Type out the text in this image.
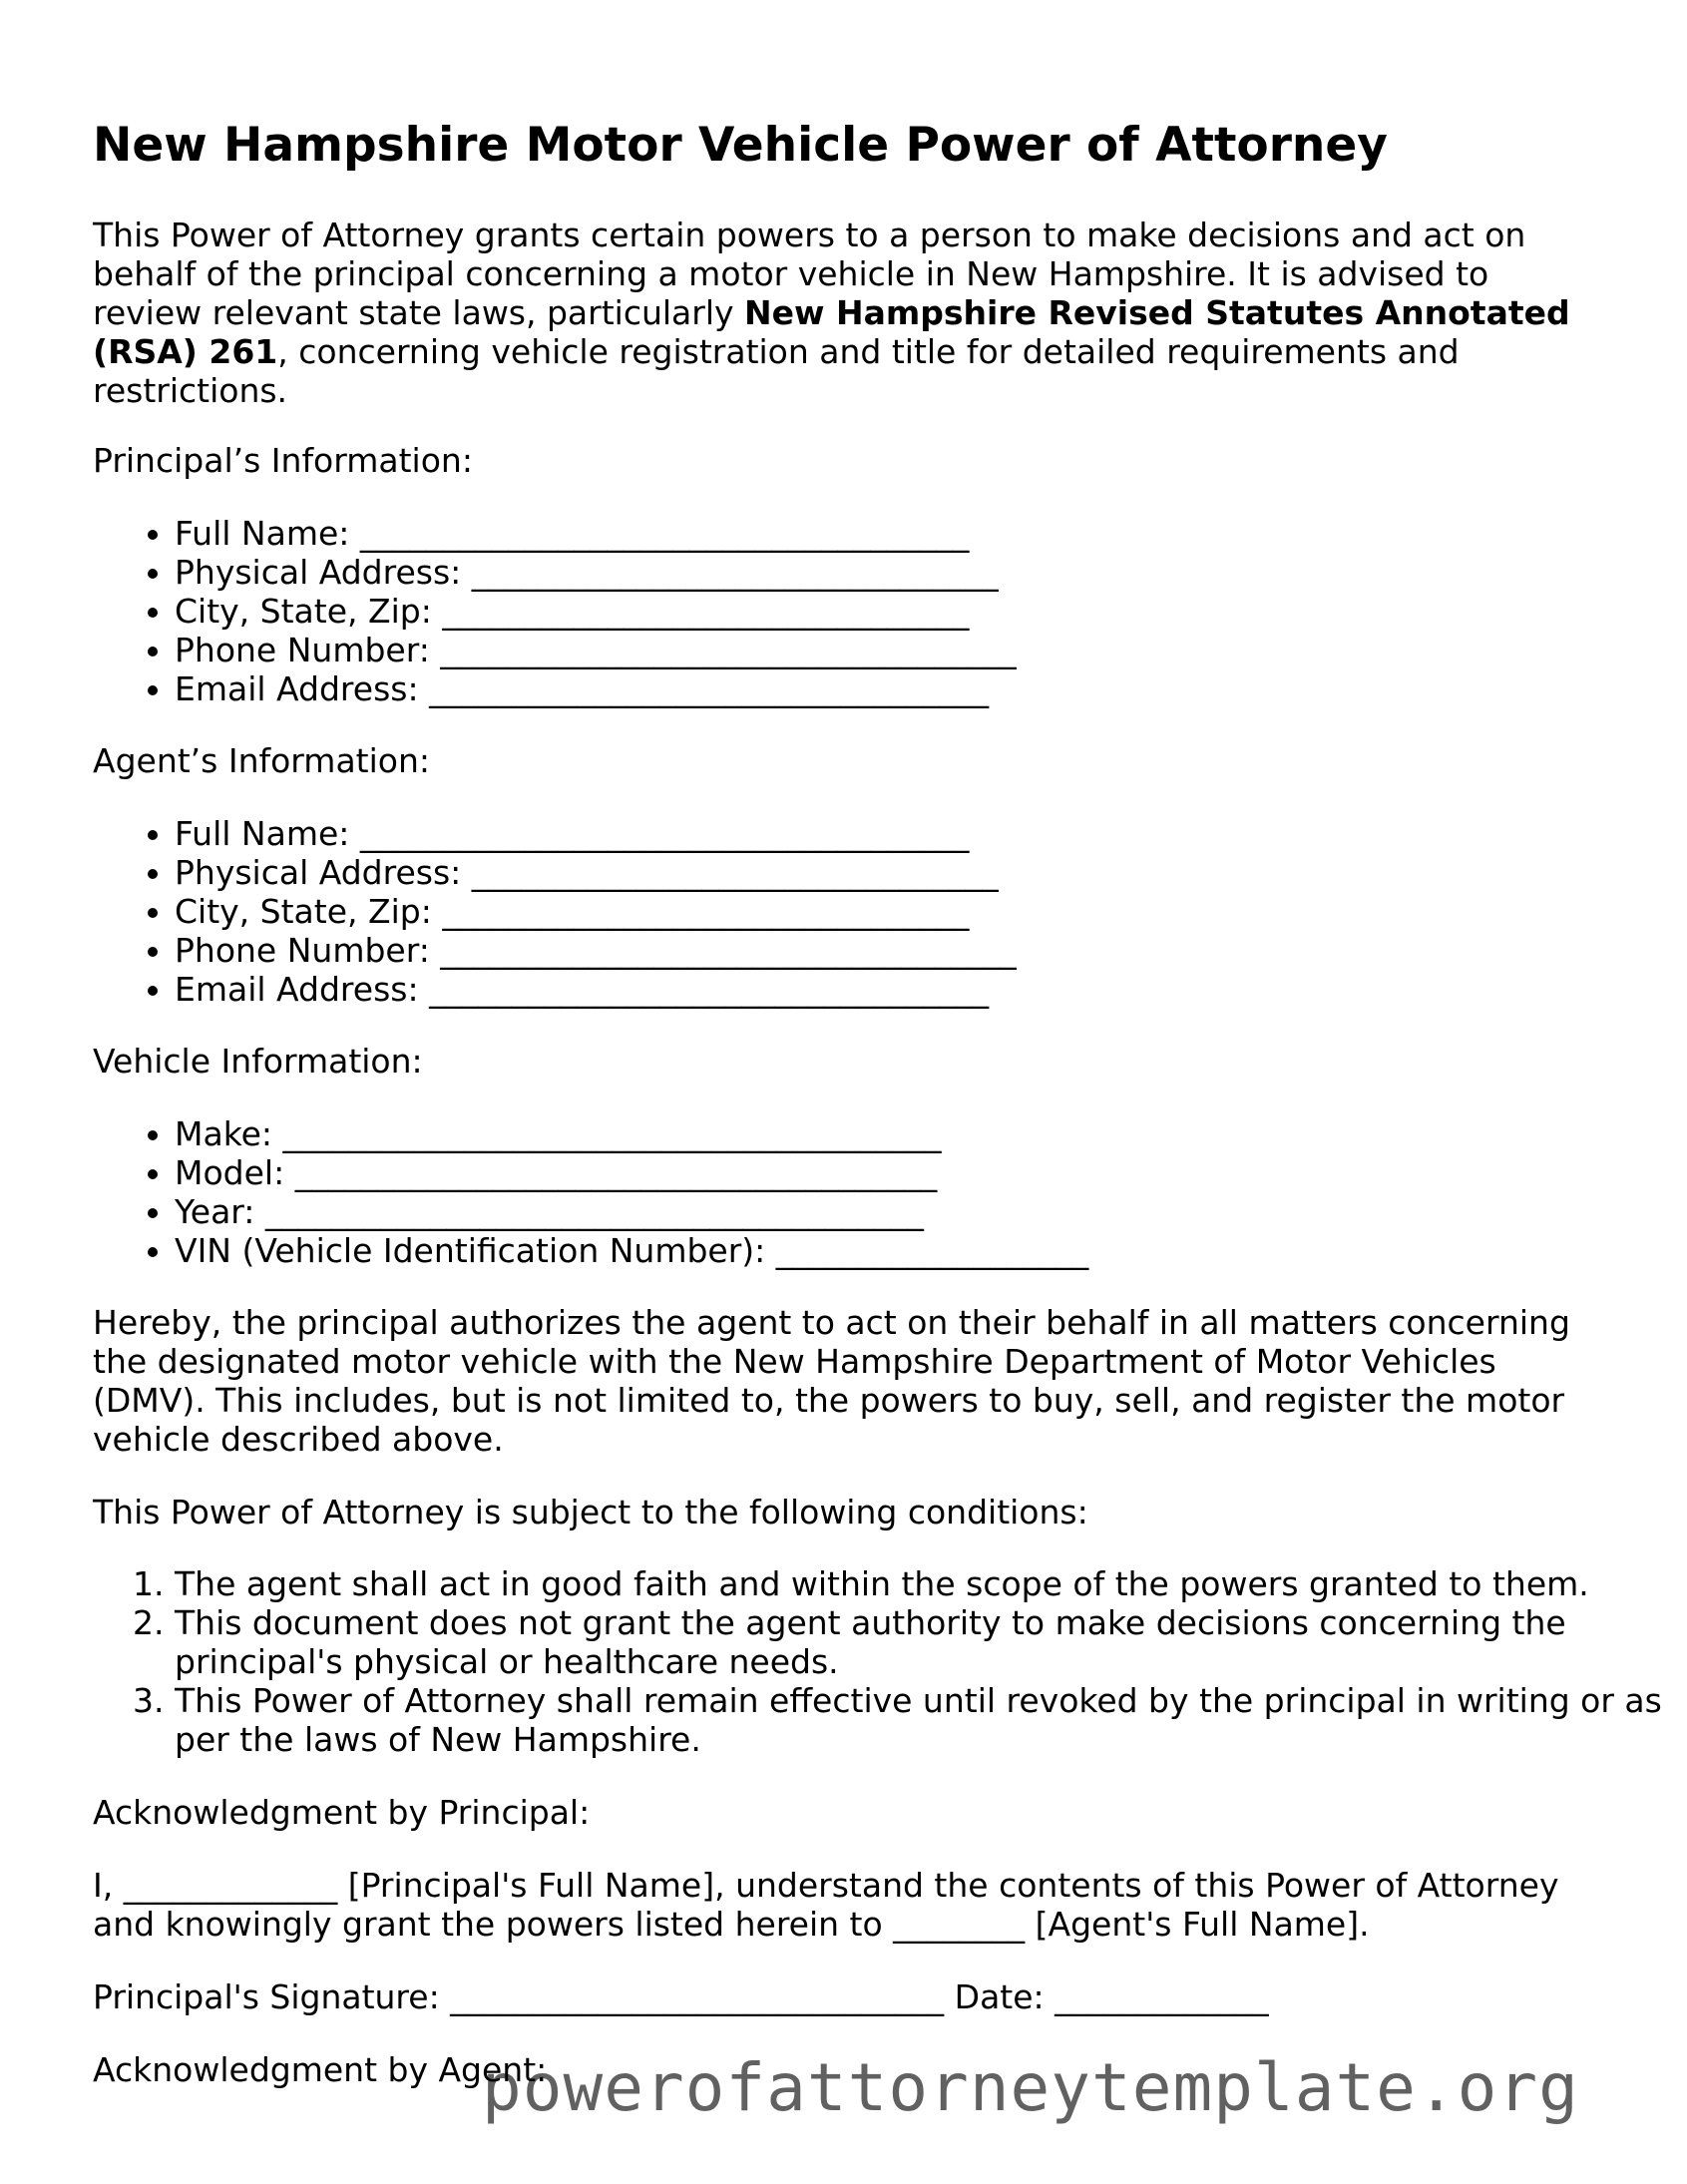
New Hampshire Motor Vehicle Power of Attorney

This Power of Attorney grants certain powers to a person to make decisions and act on behalf of the principal concerning a motor vehicle in New Hampshire. It is advised to review relevant state laws, particularly New Hampshire Revised Statutes Annotated (RSA) 261, concerning vehicle registration and title for detailed requirements and restrictions.

Principal’s Information:

• Full Name: _____________________________________
• Physical Address: ________________________________
• City, State, Zip: ________________________________
• Phone Number: ___________________________________
• Email Address: __________________________________

Agent’s Information:

• Full Name: _____________________________________
• Physical Address: ________________________________
• City, State, Zip: ________________________________
• Phone Number: ___________________________________
• Email Address: __________________________________

Vehicle Information:

• Make: ________________________________________
• Model: _______________________________________
• Year: ________________________________________
• VIN (Vehicle Identification Number): ___________________

Hereby, the principal authorizes the agent to act on their behalf in all matters concerning the designated motor vehicle with the New Hampshire Department of Motor Vehicles (DMV). This includes, but is not limited to, the powers to buy, sell, and register the motor vehicle described above.

This Power of Attorney is subject to the following conditions:

1. The agent shall act in good faith and within the scope of the powers granted to them.
2. This document does not grant the agent authority to make decisions concerning the principal's physical or healthcare needs.
3. This Power of Attorney shall remain effective until revoked by the principal in writing or as per the laws of New Hampshire.

Acknowledgment by Principal:

I, _____________ [Principal's Full Name], understand the contents of this Power of Attorney

and knowingly grant the powers listed herein to ________ [Agent's Full Name].

Principal's Signature: ______________________________ Date: _____________

Acknowledgment by Agent:

powerofattorneytemplate.org
